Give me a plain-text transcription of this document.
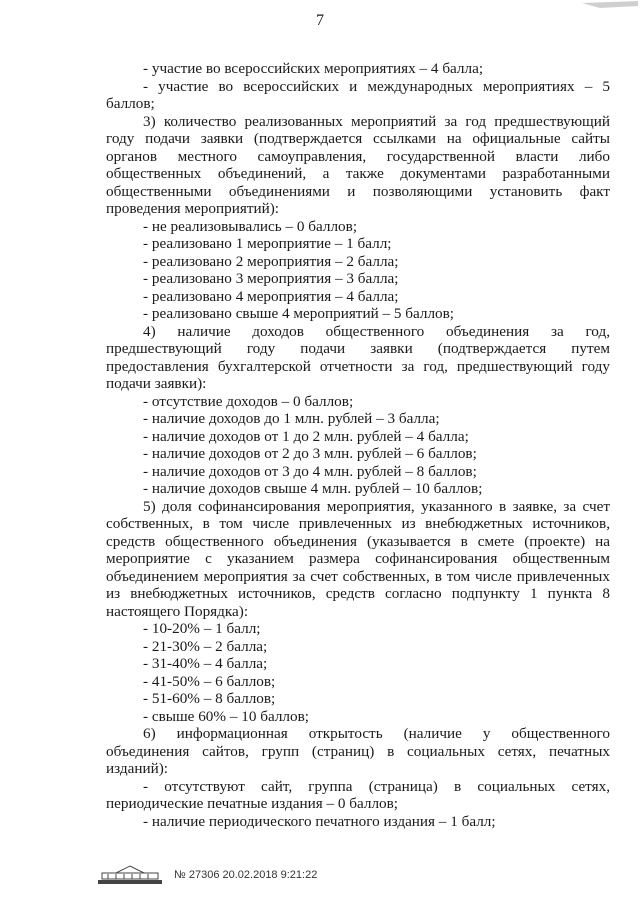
7

- участие во всероссийских мероприятиях – 4 балла;

- участие во всероссийских и международных мероприятиях – 5 баллов;

3) количество реализованных мероприятий за год предшествующий году подачи заявки (подтверждается ссылками на официальные сайты органов местного самоуправления, государственной власти либо общественных объединений, а также документами разработанными общественными объединениями и позволяющими установить факт проведения мероприятий):

- не реализовывались – 0 баллов;

- реализовано 1 мероприятие – 1 балл;

- реализовано 2 мероприятия – 2 балла;

- реализовано 3 мероприятия – 3 балла;

- реализовано 4 мероприятия – 4 балла;

- реализовано свыше 4 мероприятий – 5 баллов;

4) наличие доходов общественного объединения за год, предшествующий году подачи заявки (подтверждается путем предоставления бухгалтерской отчетности за год, предшествующий году подачи заявки):

- отсутствие доходов – 0 баллов;

- наличие доходов до 1 млн. рублей – 3 балла;

- наличие доходов от 1 до 2 млн. рублей – 4 балла;

- наличие доходов от 2 до 3 млн. рублей – 6 баллов;

- наличие доходов от 3 до 4 млн. рублей – 8 баллов;

- наличие доходов свыше 4 млн. рублей – 10 баллов;

5) доля софинансирования мероприятия, указанного в заявке, за счет собственных, в том числе привлеченных из внебюджетных источников, средств общественного объединения (указывается в смете (проекте) на мероприятие с указанием размера софинансирования общественным объединением мероприятия за счет собственных, в том числе привлеченных из внебюджетных источников, средств согласно подпункту 1 пункта 8 настоящего Порядка):

- 10-20% – 1 балл;

- 21-30% – 2 балла;

- 31-40% – 4 балла;

- 41-50% – 6 баллов;

- 51-60% – 8 баллов;

- свыше 60% – 10 баллов;

6) информационная открытость (наличие у общественного объединения сайтов, групп (страниц) в социальных сетях, печатных изданий):

- отсутствуют сайт, группа (страница) в социальных сетях, периодические печатные издания – 0 баллов;

- наличие периодического печатного издания – 1 балл;

№ 27306 20.02.2018 9:21:22
